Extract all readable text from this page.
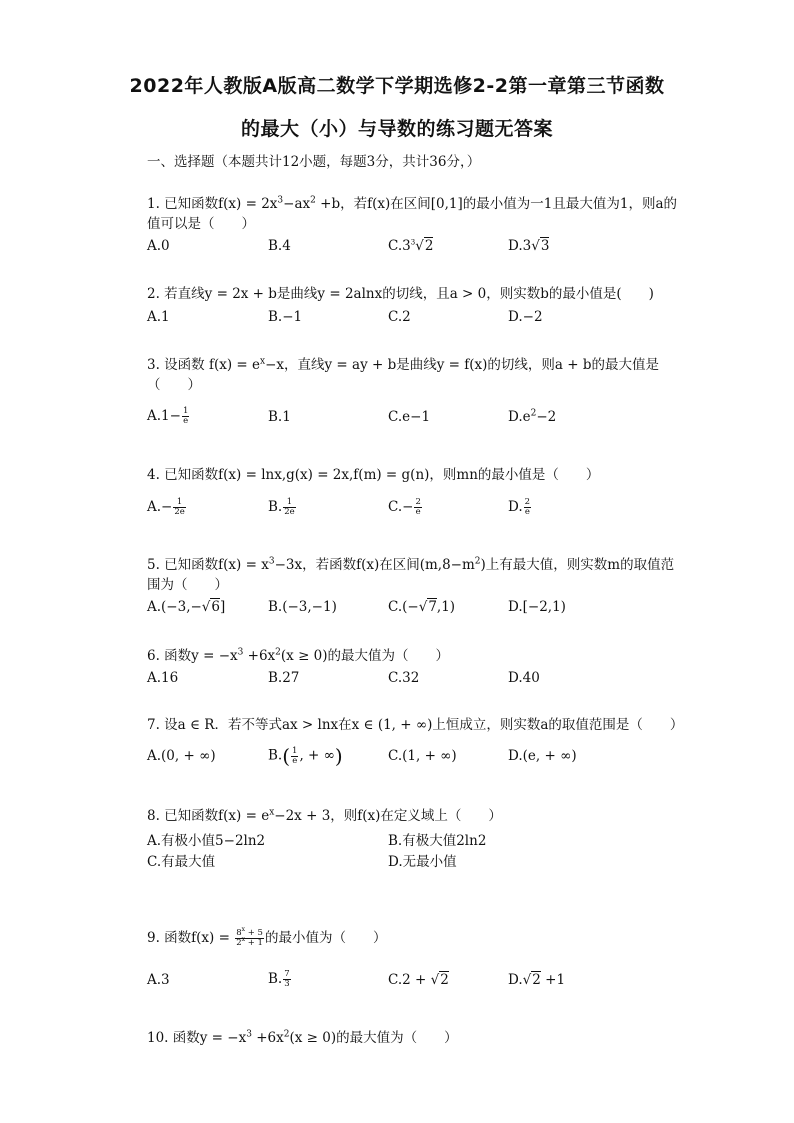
2022年人教版A版高二数学下学期选修2-2第一章第三节函数
的最大（小）与导数的练习题无答案
一、选择题（本题共计12小题，每题3分，共计36分，）
1. 已知函数$f(x) = 2x^3-ax^2 +b$，若f(x)在区间[0,1]的最小值为一1且最大值为1，则a的值可以是（　　）
A.0	B.4	$C.3^3√2$	D.3√3
2. 若直线y = 2x + b是曲线y = 2alnx的切线，且a > 0，则实数b的最小值是(　　)
A.1	B.−1	C.2	D.−2
3. 设函数 $f(x) = e^x-x$，直线y = ay + b是曲线y = f(x)的切线，则a + b的最大值是（　　）
$A.1- \frac{1}{e}$	B.1	C.e−1	$D.e^2-2$
4. 已知函数f(x) = lnx,g(x) = 2x,f(m) = g(n)，则mn的最小值是（　　）
$A.- \frac{1}{2e}$	B. $\frac{1}{2e}$	$C.- \frac{2}{e}$	D. $\frac{2}{e}$
5. 已知函数$f(x) = x^3-3x$，若函数f(x)在区间$(m,8-m^2)$上有最大值，则实数m的取值范围为（　　）
A.(−3,−√6]	B.(−3,−1)	C.(−√7,1)	D.[−2,1)
6. 函数$y = -x^3 +6x^2(x \ge 0)$的最大值为（　　）
A.16	B.27	C.32	D.40
7. 设a ∈ R．若不等式ax > lnx在x ∈ (1, + ∞)上恒成立，则实数a的取值范围是（　　）
A.(0, + ∞)	$B.( \frac{1}{e}$ , + ∞)	C.(1, + ∞)	D.(e, + ∞)
8. 已知函数$f(x) = e^x-2x + 3$，则f(x)在定义域上（　　）
A.有极小值5−2ln2	B.有极大值2ln2
C.有最大值	D.无最小值
9. 函数$f(x) = \frac{8^x + 5}{2^x + 1}$ 的最小值为（　　）
A.3	B. $\frac{7}{3}$	C.2 + √2	D.√2 +1
10. 函数$y = -x^3 +6x^2(x \ge 0)$的最大值为（　　）
